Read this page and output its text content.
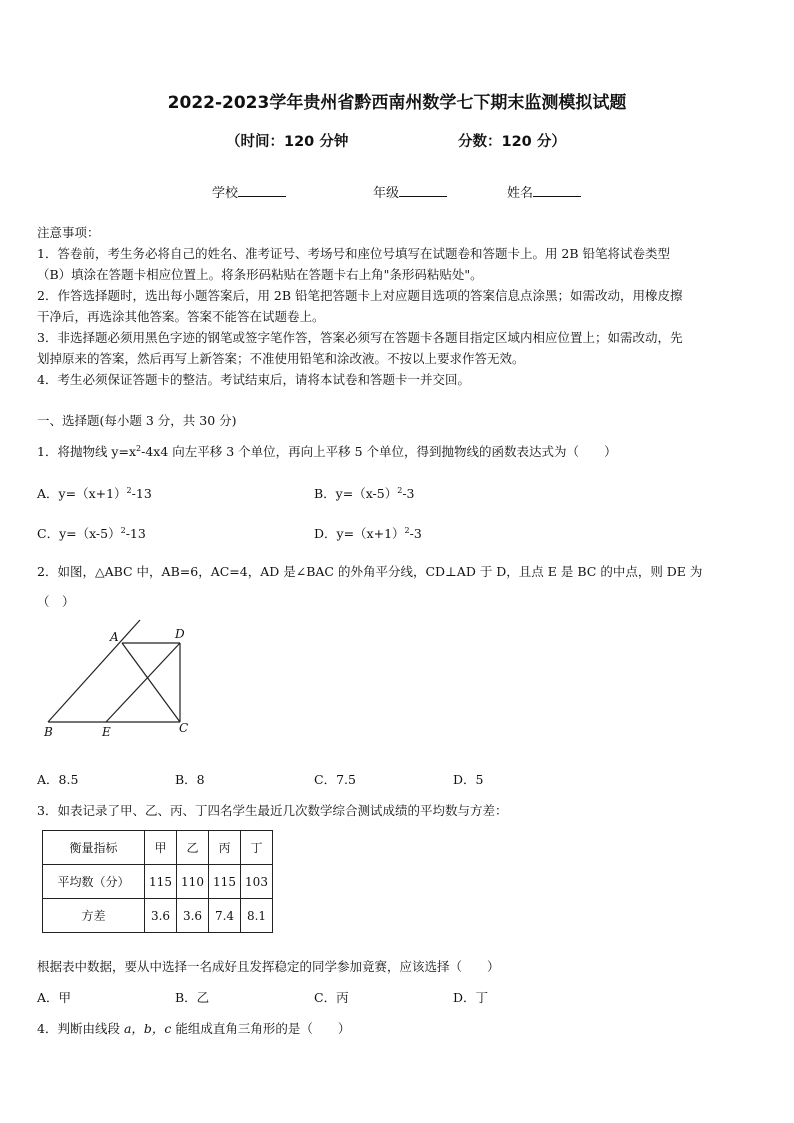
2022-2023学年贵州省黔西南州数学七下期末监测模拟试题
（时间：120 分钟	分数：120 分）
学校	年级	姓名
注意事项：
1．答卷前，考生务必将自己的姓名、准考证号、考场号和座位号填写在试题卷和答题卡上。用 2B 铅笔将试卷类型
（B）填涂在答题卡相应位置上。将条形码粘贴在答题卡右上角"条形码粘贴处"。
2．作答选择题时，选出每小题答案后，用 2B 铅笔把答题卡上对应题目选项的答案信息点涂黑；如需改动，用橡皮擦
干净后，再选涂其他答案。答案不能答在试题卷上。
3．非选择题必须用黑色字迹的钢笔或签字笔作答，答案必须写在答题卡各题目指定区域内相应位置上；如需改动，先
划掉原来的答案，然后再写上新答案；不准使用铅笔和涂改液。不按以上要求作答无效。
4．考生必须保证答题卡的整洁。考试结束后，请将本试卷和答题卡一并交回。
一、选择题(每小题 3 分，共 30 分)
1．将抛物线 $y=x^2-4x4$ 向左平移 3 个单位，再向上平移 5 个单位，得到抛物线的函数表达式为（　　）
A．$y=(x+1)^2-13$	B．$y=(x-5)^2-3$
C．$y=(x-5)^2-13$	D．$y=(x+1)^2-3$
2．如图，△ABC 中，AB=6，AC=4，AD 是∠BAC 的外角平分线，CD⊥AD 于 D，且点 E 是 BC 的中点，则 DE 为
（　）
A	D
B	E	C
A．8.5	B．8	C．7.5	D．5
3．如表记录了甲、乙、丙、丁四名学生最近几次数学综合测试成绩的平均数与方差：
衡量指标	甲	乙	丙	丁
平均数（分）	115	110	115	103
方差	3.6	3.6	7.4	8.1
根据表中数据，要从中选择一名成好且发挥稳定的同学参加竟赛，应该选择（　　）
A．甲	B．乙	C．丙	D．丁
4．判断由线段 a，b，c 能组成直角三角形的是（　　）
